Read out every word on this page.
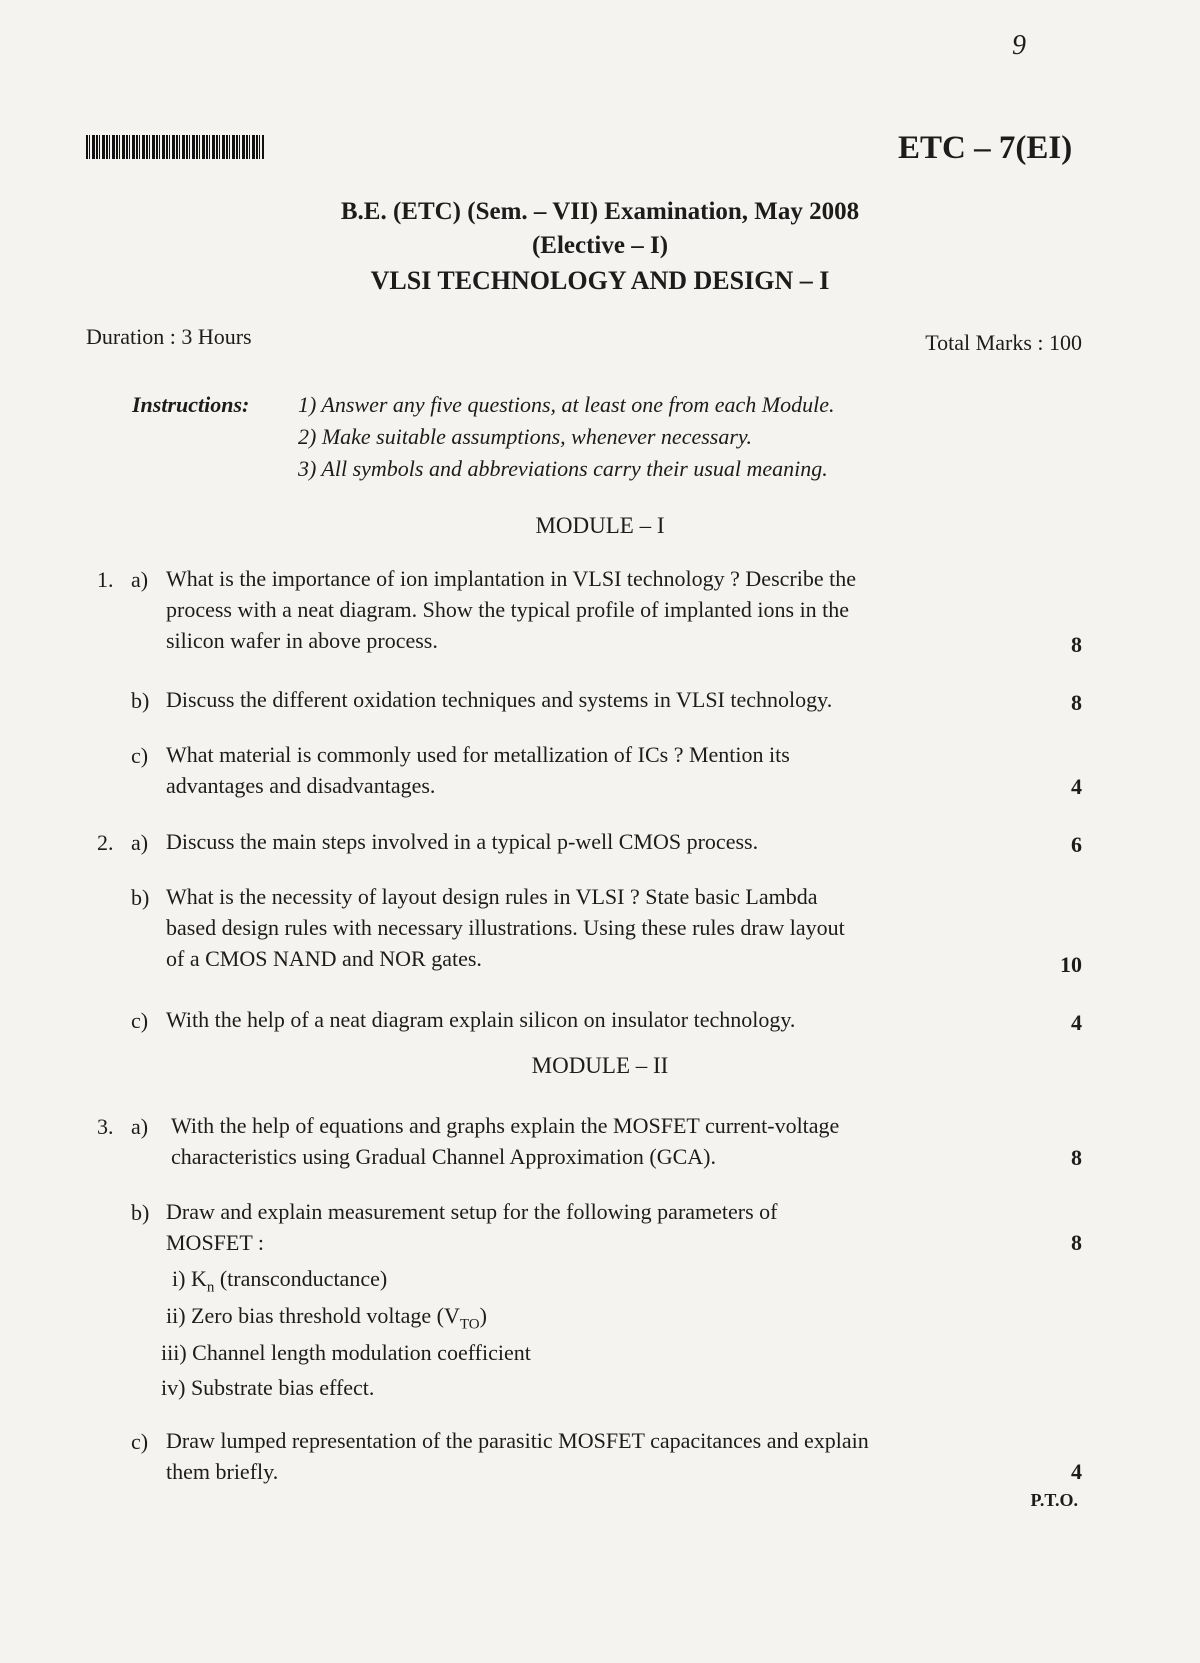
9
ETC – 7(EI)
B.E. (ETC) (Sem. – VII) Examination, May 2008
(Elective – I)
VLSI TECHNOLOGY AND DESIGN – I
Duration : 3 Hours	Total Marks : 100
Instructions: 1) Answer any five questions, at least one from each Module.
2) Make suitable assumptions, whenever necessary.
3) All symbols and abbreviations carry their usual meaning.
MODULE – I
1. a) What is the importance of ion implantation in VLSI technology ? Describe the
process with a neat diagram. Show the typical profile of implanted ions in the
silicon wafer in above process.	8
b) Discuss the different oxidation techniques and systems in VLSI technology.	8
c) What material is commonly used for metallization of ICs ? Mention its
advantages and disadvantages.	4
2. a) Discuss the main steps involved in a typical p-well CMOS process.	6
b) What is the necessity of layout design rules in VLSI ? State basic Lambda
based design rules with necessary illustrations. Using these rules draw layout
of a CMOS NAND and NOR gates.	10
c) With the help of a neat diagram explain silicon on insulator technology.	4
MODULE – II
3. a) With the help of equations and graphs explain the MOSFET current-voltage
characteristics using Gradual Channel Approximation (GCA).	8
b) Draw and explain measurement setup for the following parameters of
MOSFET :	8
i) $K_n$ (transconductance)
ii) Zero bias threshold voltage $(V_{TO})$
iii) Channel length modulation coefficient
iv) Substrate bias effect.
c) Draw lumped representation of the parasitic MOSFET capacitances and explain
them briefly.	4
P.T.O.
